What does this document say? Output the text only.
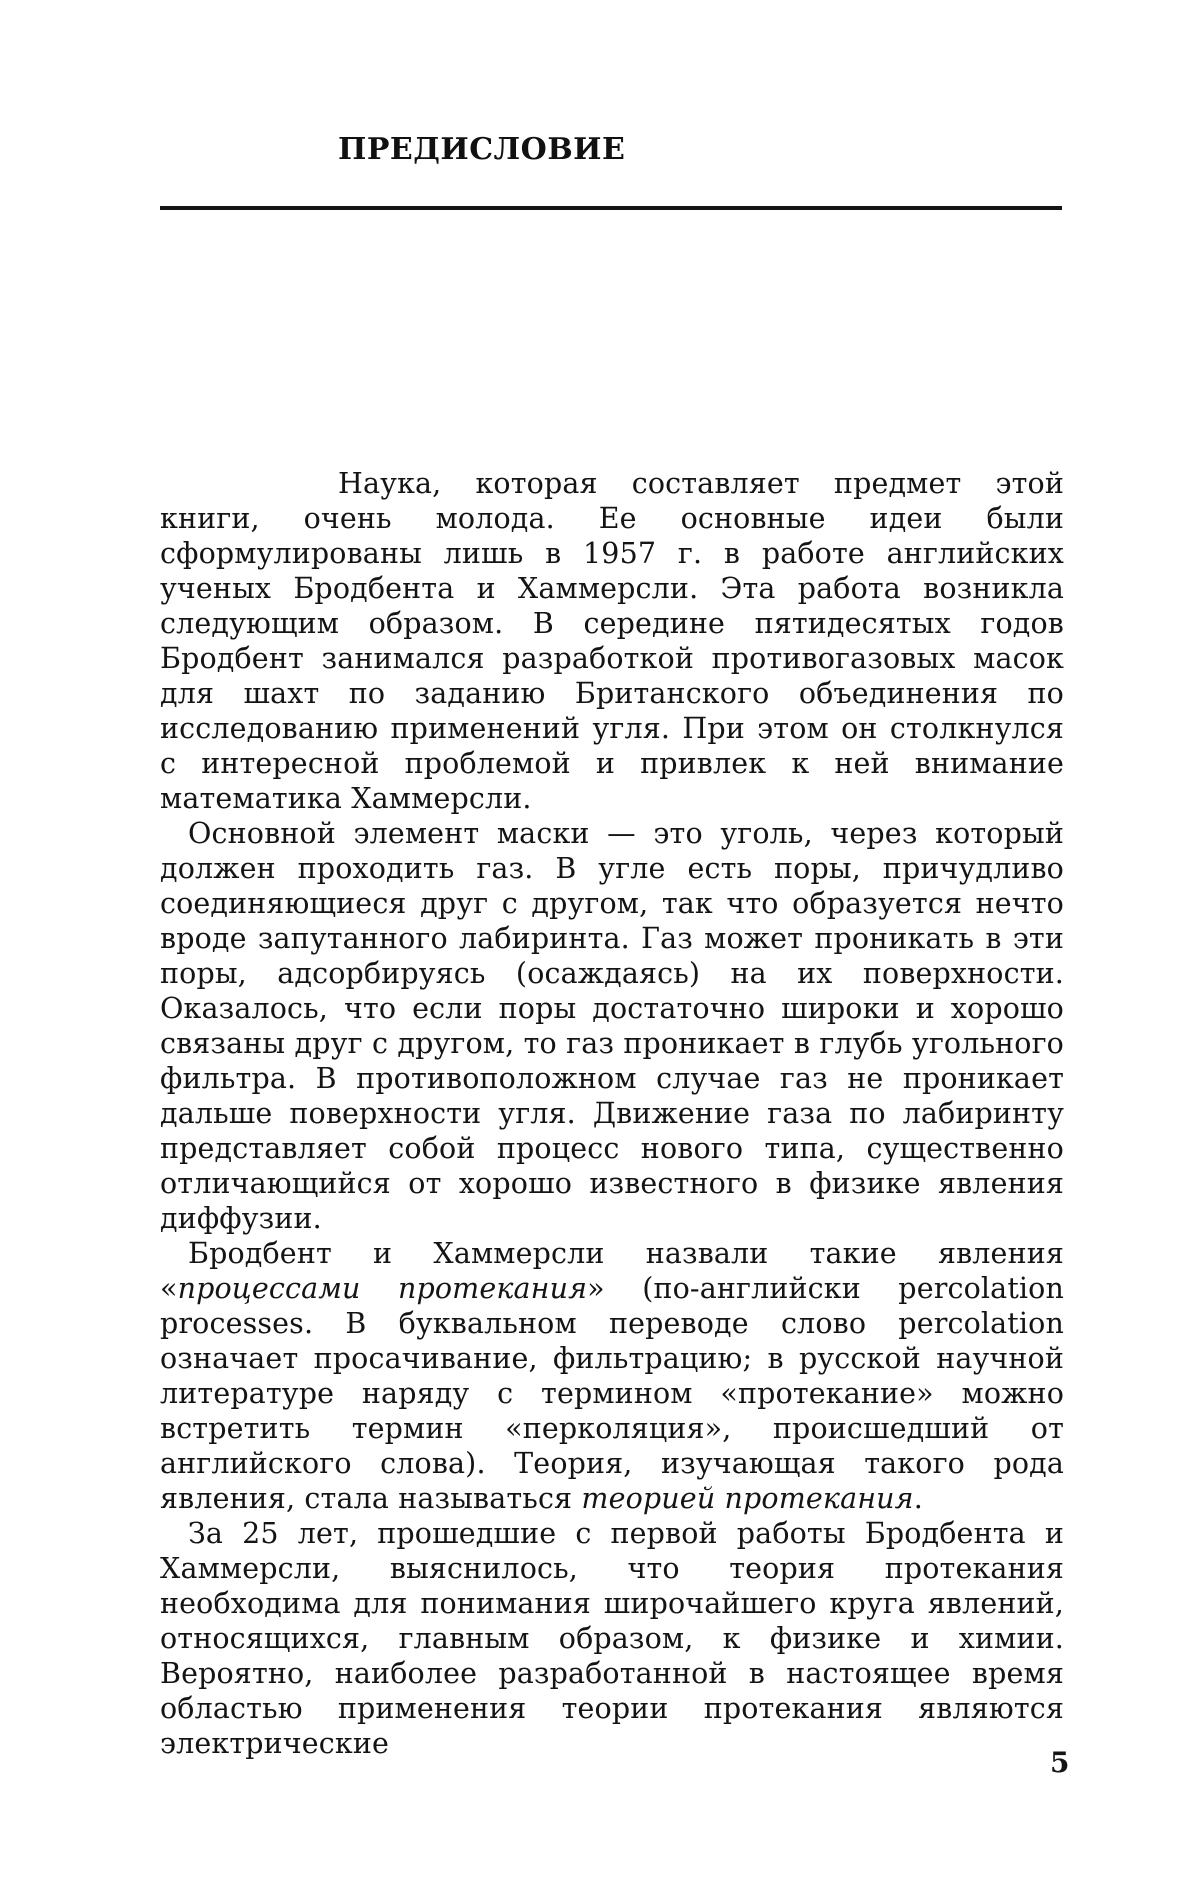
ПРЕДИСЛОВИЕ

Наука, которая составляет предмет этой книги, очень молода. Ее основные идеи были сформулированы лишь в 1957 г. в работе английских ученых Бродбента и Хаммерсли. Эта работа возникла следующим образом. В середине пятидесятых годов Бродбент занимался разработкой противогазовых масок для шахт по заданию Британского объединения по исследованию применений угля. При этом он столкнулся с интересной проблемой и привлек к ней внимание математика Хаммерсли.

Основной элемент маски — это уголь, через который должен проходить газ. В угле есть поры, причудливо соединяющиеся друг с другом, так что образуется нечто вроде запутанного лабиринта. Газ может проникать в эти поры, адсорбируясь (осаждаясь) на их поверхности. Оказалось, что если поры достаточно широки и хорошо связаны друг с другом, то газ проникает в глубь угольного фильтра. В противоположном случае газ не проникает дальше поверхности угля. Движение газа по лабиринту представляет собой процесс нового типа, существенно отличающийся от хорошо известного в физике явления диффузии.

Бродбент и Хаммерсли назвали такие явления «процессами протекания» (по-английски percolation processes. В буквальном переводе слово percolation означает просачивание, фильтрацию; в русской научной литературе наряду с термином «протекание» можно встретить термин «перколяция», происшедший от английского слова). Теория, изучающая такого рода явления, стала называться теорией протекания.

За 25 лет, прошедшие с первой работы Бродбента и Хаммерсли, выяснилось, что теория протекания необходима для понимания широчайшего круга явлений, относящихся, главным образом, к физике и химии. Вероятно, наиболее разработанной в настоящее время областью применения теории протекания являются электрические

5
